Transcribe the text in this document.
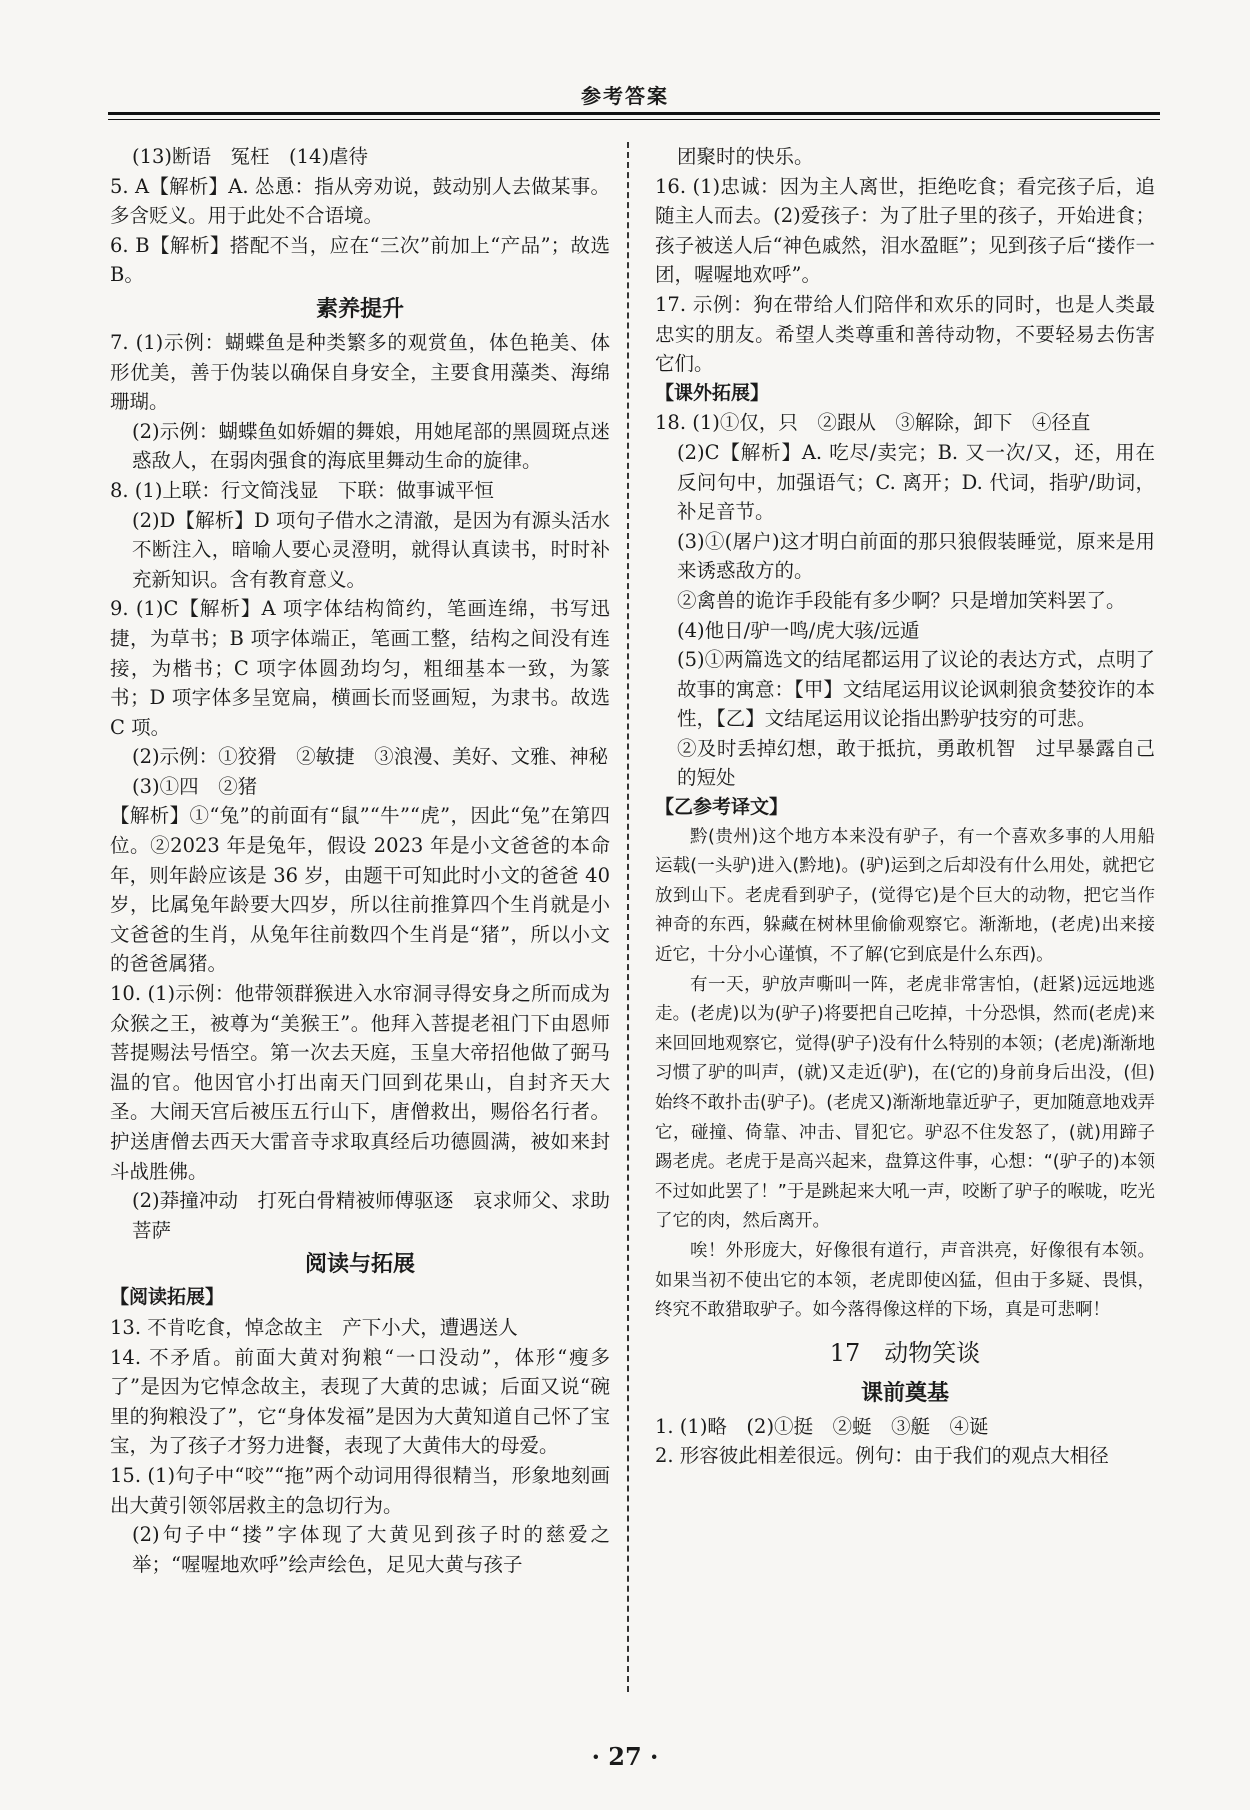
参考答案

(13)断语　冤枉　(14)虐待

5. A【解析】A. 怂恿：指从旁劝说，鼓动别人去做某事。多含贬义。用于此处不合语境。

6. B【解析】搭配不当，应在“三次”前加上“产品”；故选 B。

素养提升

7. (1)示例：蝴蝶鱼是种类繁多的观赏鱼，体色艳美、体形优美，善于伪装以确保自身安全，主要食用藻类、海绵珊瑚。

(2)示例：蝴蝶鱼如娇媚的舞娘，用她尾部的黑圆斑点迷惑敌人，在弱肉强食的海底里舞动生命的旋律。

8. (1)上联：行文简浅显　下联：做事诚平恒

(2)D【解析】D 项句子借水之清澈，是因为有源头活水不断注入，暗喻人要心灵澄明，就得认真读书，时时补充新知识。含有教育意义。

9. (1)C【解析】A 项字体结构简约，笔画连绵，书写迅捷，为草书；B 项字体端正，笔画工整，结构之间没有连接，为楷书；C 项字体圆劲均匀，粗细基本一致，为篆书；D 项字体多呈宽扁，横画长而竖画短，为隶书。故选 C 项。

(2)示例：①狡猾　②敏捷　③浪漫、美好、文雅、神秘

(3)①四　②猪

【解析】①“兔”的前面有“鼠”“牛”“虎”，因此“兔”在第四位。②2023 年是兔年，假设 2023 年是小文爸爸的本命年，则年龄应该是 36 岁，由题干可知此时小文的爸爸 40 岁，比属兔年龄要大四岁，所以往前推算四个生肖就是小文爸爸的生肖，从兔年往前数四个生肖是“猪”，所以小文的爸爸属猪。

10. (1)示例：他带领群猴进入水帘洞寻得安身之所而成为众猴之王，被尊为“美猴王”。他拜入菩提老祖门下由恩师菩提赐法号悟空。第一次去天庭，玉皇大帝招他做了弼马温的官。他因官小打出南天门回到花果山，自封齐天大圣。大闹天宫后被压五行山下，唐僧救出，赐俗名行者。护送唐僧去西天大雷音寺求取真经后功德圆满，被如来封斗战胜佛。

(2)莽撞冲动　打死白骨精被师傅驱逐　哀求师父、求助菩萨

阅读与拓展

【阅读拓展】

13. 不肯吃食，悼念故主　产下小犬，遭遇送人

14. 不矛盾。前面大黄对狗粮“一口没动”，体形“瘦多了”是因为它悼念故主，表现了大黄的忠诚；后面又说“碗里的狗粮没了”，它“身体发福”是因为大黄知道自己怀了宝宝，为了孩子才努力进餐，表现了大黄伟大的母爱。

15. (1)句子中“咬”“拖”两个动词用得很精当，形象地刻画出大黄引领邻居救主的急切行为。

(2)句子中“搂”字体现了大黄见到孩子时的慈爱之举；“喔喔地欢呼”绘声绘色，足见大黄与孩子

团聚时的快乐。

16. (1)忠诚：因为主人离世，拒绝吃食；看完孩子后，追随主人而去。(2)爱孩子：为了肚子里的孩子，开始进食；孩子被送人后“神色戚然，泪水盈眶”；见到孩子后“搂作一团，喔喔地欢呼”。

17. 示例：狗在带给人们陪伴和欢乐的同时，也是人类最忠实的朋友。希望人类尊重和善待动物，不要轻易去伤害它们。

【课外拓展】

18. (1)①仅，只　②跟从　③解除，卸下　④径直

(2)C【解析】A. 吃尽/卖完；B. 又一次/又，还，用在反问句中，加强语气；C. 离开；D. 代词，指驴/助词，补足音节。

(3)①(屠户)这才明白前面的那只狼假装睡觉，原来是用来诱惑敌方的。

②禽兽的诡诈手段能有多少啊？只是增加笑料罢了。

(4)他日/驴一鸣/虎大骇/远遁

(5)①两篇选文的结尾都运用了议论的表达方式，点明了故事的寓意：【甲】文结尾运用议论讽刺狼贪婪狡诈的本性，【乙】文结尾运用议论指出黔驴技穷的可悲。

②及时丢掉幻想，敢于抵抗，勇敢机智　过早暴露自己的短处

【乙参考译文】

黔(贵州)这个地方本来没有驴子，有一个喜欢多事的人用船运载(一头驴)进入(黔地)。(驴)运到之后却没有什么用处，就把它放到山下。老虎看到驴子，(觉得它)是个巨大的动物，把它当作神奇的东西，躲藏在树林里偷偷观察它。渐渐地，(老虎)出来接近它，十分小心谨慎，不了解(它到底是什么东西)。

有一天，驴放声嘶叫一阵，老虎非常害怕，(赶紧)远远地逃走。(老虎)以为(驴子)将要把自己吃掉，十分恐惧，然而(老虎)来来回回地观察它，觉得(驴子)没有什么特别的本领；(老虎)渐渐地习惯了驴的叫声，(就)又走近(驴)，在(它的)身前身后出没，(但)始终不敢扑击(驴子)。(老虎又)渐渐地靠近驴子，更加随意地戏弄它，碰撞、倚靠、冲击、冒犯它。驴忍不住发怒了，(就)用蹄子踢老虎。老虎于是高兴起来，盘算这件事，心想：“(驴子的)本领不过如此罢了！”于是跳起来大吼一声，咬断了驴子的喉咙，吃光了它的肉，然后离开。

唉！外形庞大，好像很有道行，声音洪亮，好像很有本领。如果当初不使出它的本领，老虎即使凶猛，但由于多疑、畏惧，终究不敢猎取驴子。如今落得像这样的下场，真是可悲啊！

17　动物笑谈
课前奠基

1. (1)略　(2)①挺　②蜓　③艇　④诞

2. 形容彼此相差很远。例句：由于我们的观点大相径

· 27 ·
